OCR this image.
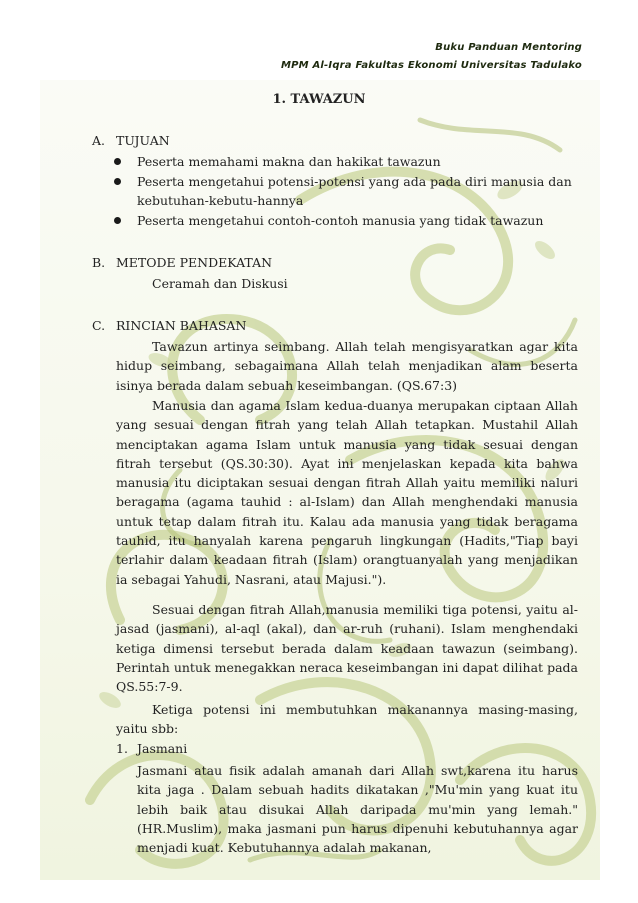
Buku Panduan Mentoring
MPM Al-Iqra Fakultas Ekonomi Universitas Tadulako
1. TAWAZUN
A. TUJUAN
Peserta memahami makna dan hakikat tawazun
Peserta mengetahui potensi-potensi yang ada pada diri manusia dan kebutuhan-kebutu-hannya
Peserta mengetahui contoh-contoh manusia yang tidak tawazun
B. METODE PENDEKATAN
Ceramah dan Diskusi
C. RINCIAN BAHASAN

Tawazun artinya seimbang. Allah telah mengisyaratkan agar kita hidup seimbang, sebagaimana Allah telah menjadikan alam beserta isinya berada dalam sebuah keseimbangan. (QS.67:3)

Manusia dan agama Islam kedua-duanya merupakan ciptaan Allah yang sesuai dengan fitrah yang telah Allah tetapkan. Mustahil Allah menciptakan agama Islam untuk manusia yang tidak sesuai dengan fitrah tersebut (QS.30:30). Ayat ini menjelaskan kepada kita bahwa manusia itu diciptakan sesuai dengan fitrah Allah yaitu memiliki naluri beragama (agama tauhid : al-Islam) dan Allah menghendaki manusia untuk tetap dalam fitrah itu. Kalau ada manusia yang tidak beragama tauhid, itu hanyalah karena pengaruh lingkungan (Hadits,"Tiap bayi terlahir dalam keadaan fitrah (Islam) orangtuanyalah yang menjadikan ia sebagai Yahudi, Nasrani, atau Majusi.").

Sesuai dengan fitrah Allah,manusia memiliki tiga potensi, yaitu al-jasad (jasmani), al-aql (akal), dan ar-ruh (ruhani). Islam menghendaki ketiga dimensi tersebut berada dalam keadaan tawazun (seimbang). Perintah untuk menegakkan neraca keseimbangan ini dapat dilihat pada QS.55:7-9.

Ketiga potensi ini membutuhkan makanannya masing-masing, yaitu sbb:

1. Jasmani

Jasmani atau fisik adalah amanah dari Allah swt,karena itu harus kita jaga . Dalam sebuah hadits dikatakan ,"Mu'min yang kuat itu lebih baik atau disukai Allah daripada mu'min yang lemah."(HR.Muslim), maka jasmani pun harus dipenuhi kebutuhannya agar menjadi kuat. Kebutuhannya adalah makanan,
